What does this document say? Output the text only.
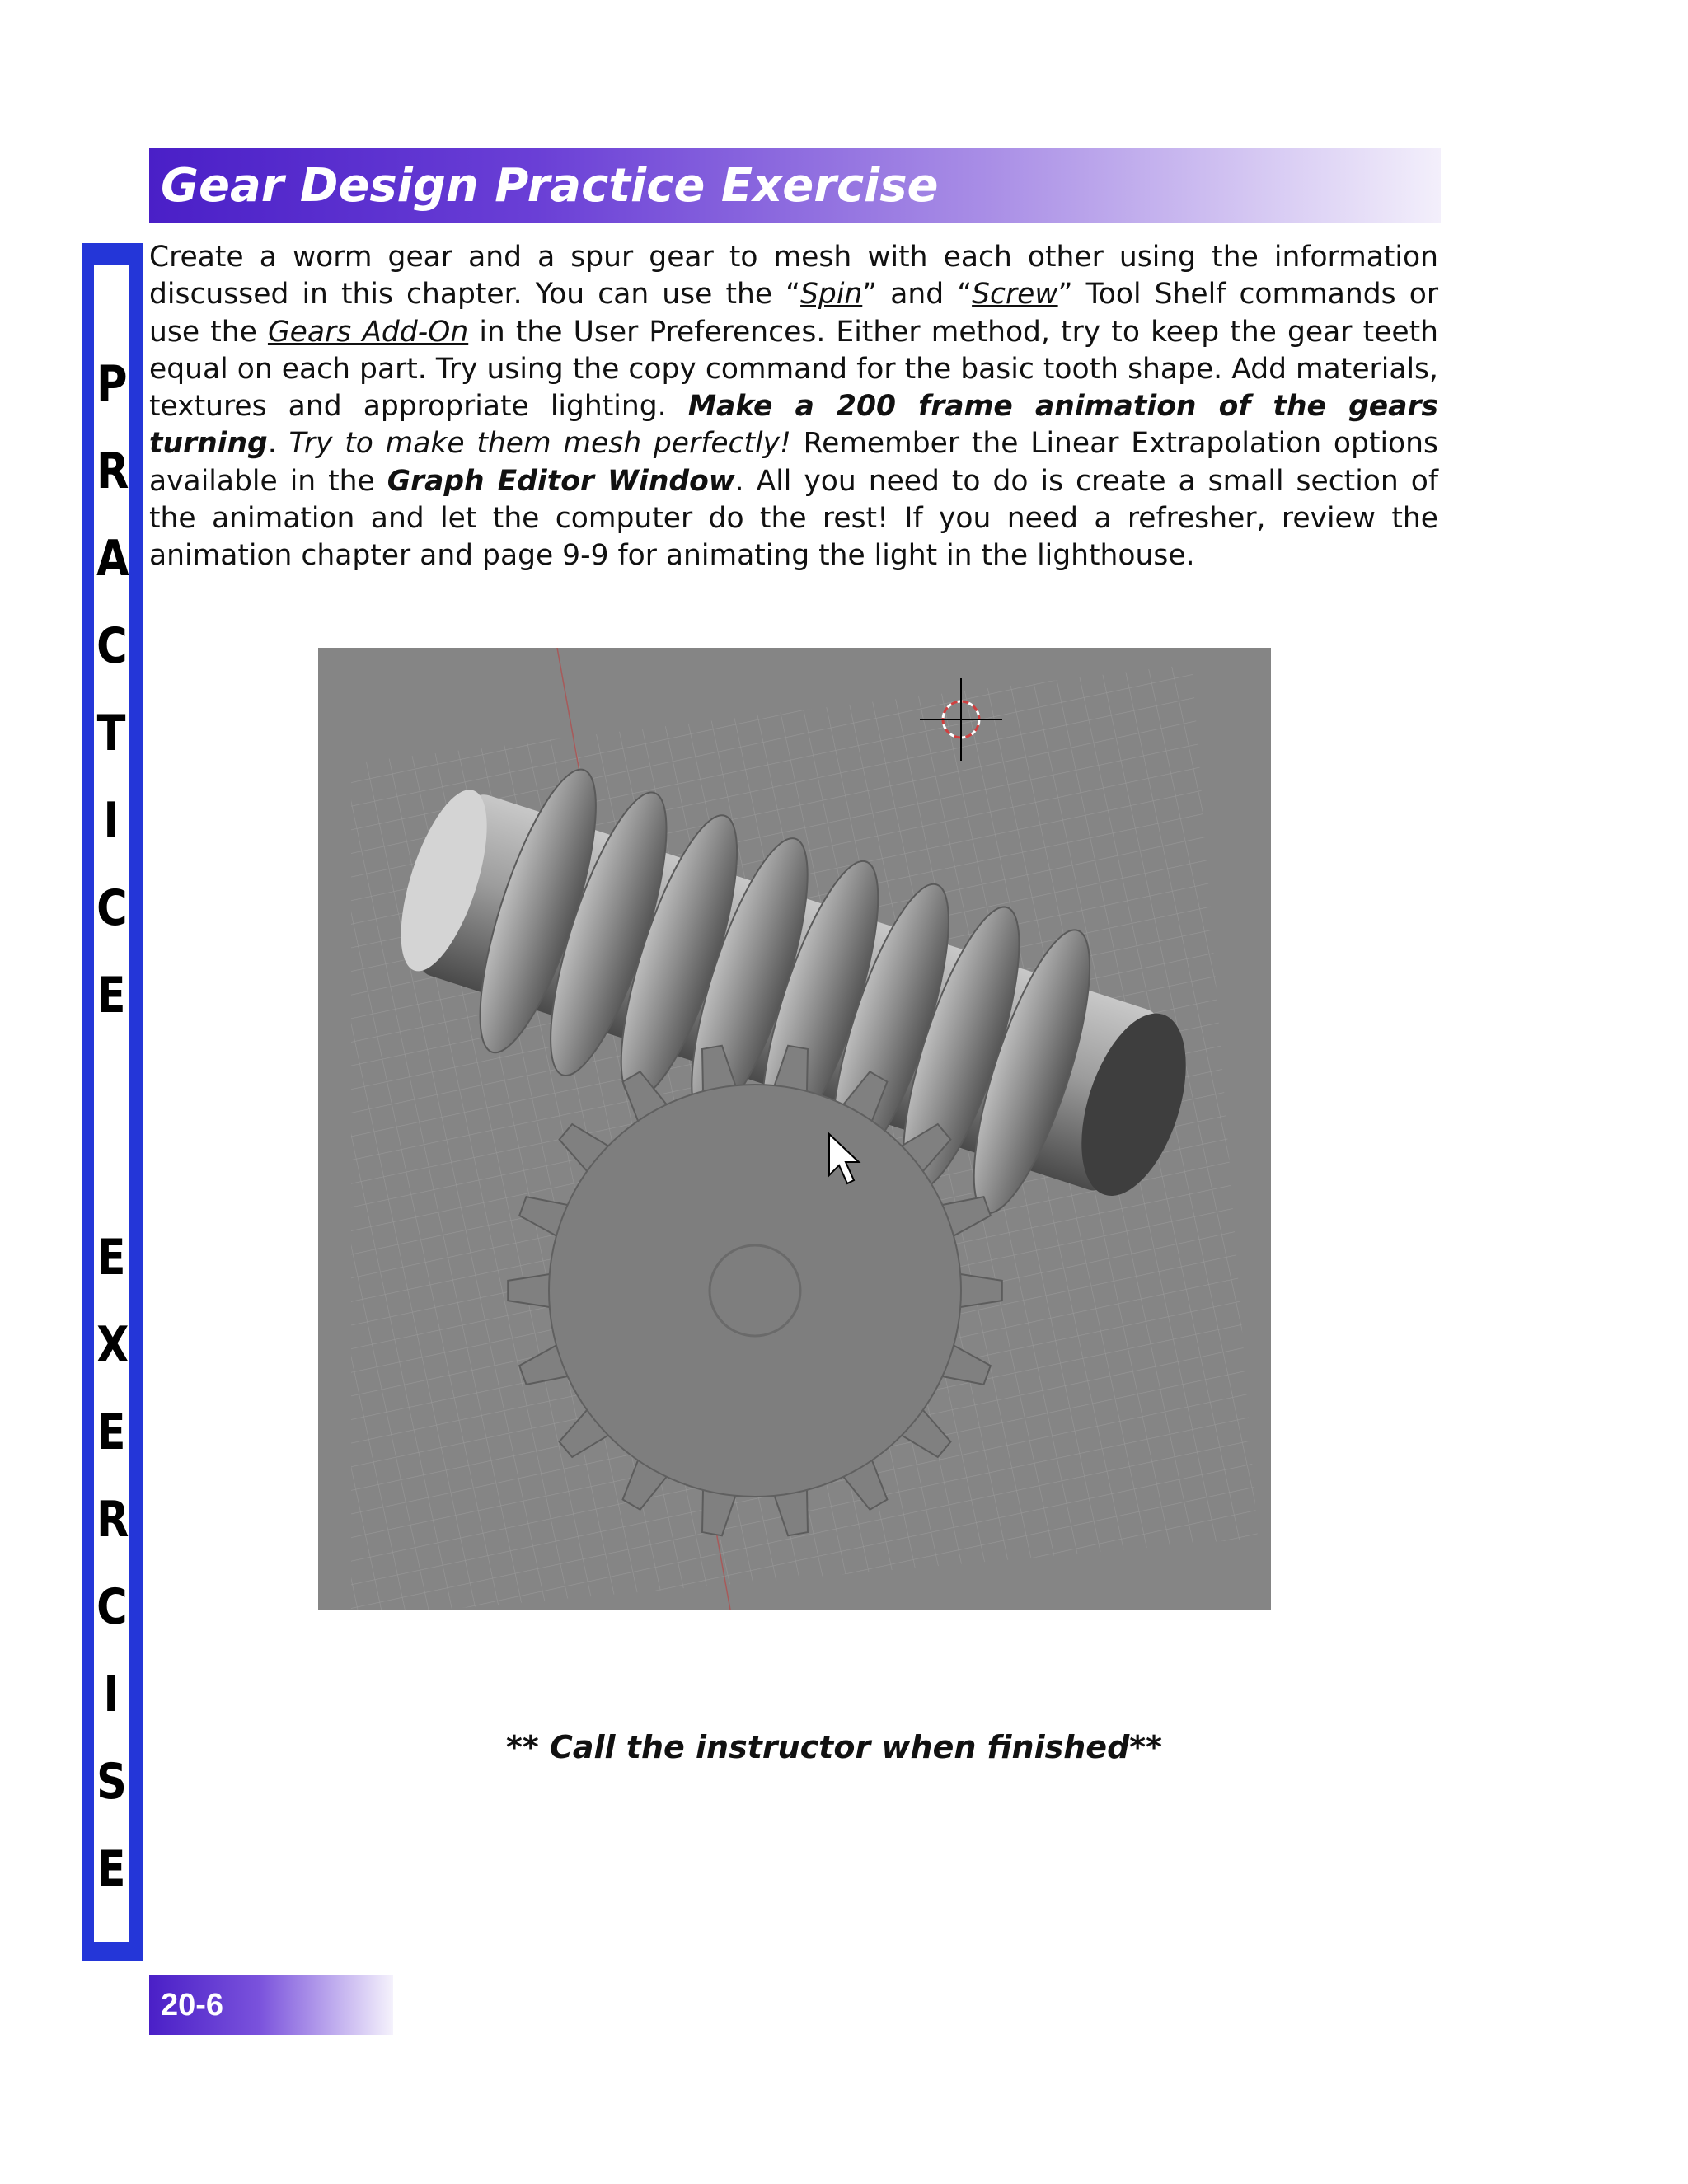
Gear Design Practice Exercise
P
R
A
C
T
I
C
E
E
X
E
R
C
I
S
E
Create a worm gear and a spur gear to mesh with each other using the information discussed in this chapter. You can use the “Spin” and “Screw” Tool Shelf commands or use the Gears Add-On in the User Preferences. Either method, try to keep the gear teeth equal on each part. Try using the copy command for the basic tooth shape. Add materials, textures and appropriate lighting. Make a 200 frame animation of the gears turning. Try to make them mesh perfectly! Remember the Linear Extrapolation options available in the Graph Editor Window. All you need to do is create a small section of the animation and let the computer do the rest! If you need a refresher, review the animation chapter and page 9-9 for animating the light in the lighthouse.
** Call the instructor when finished**
20-6
